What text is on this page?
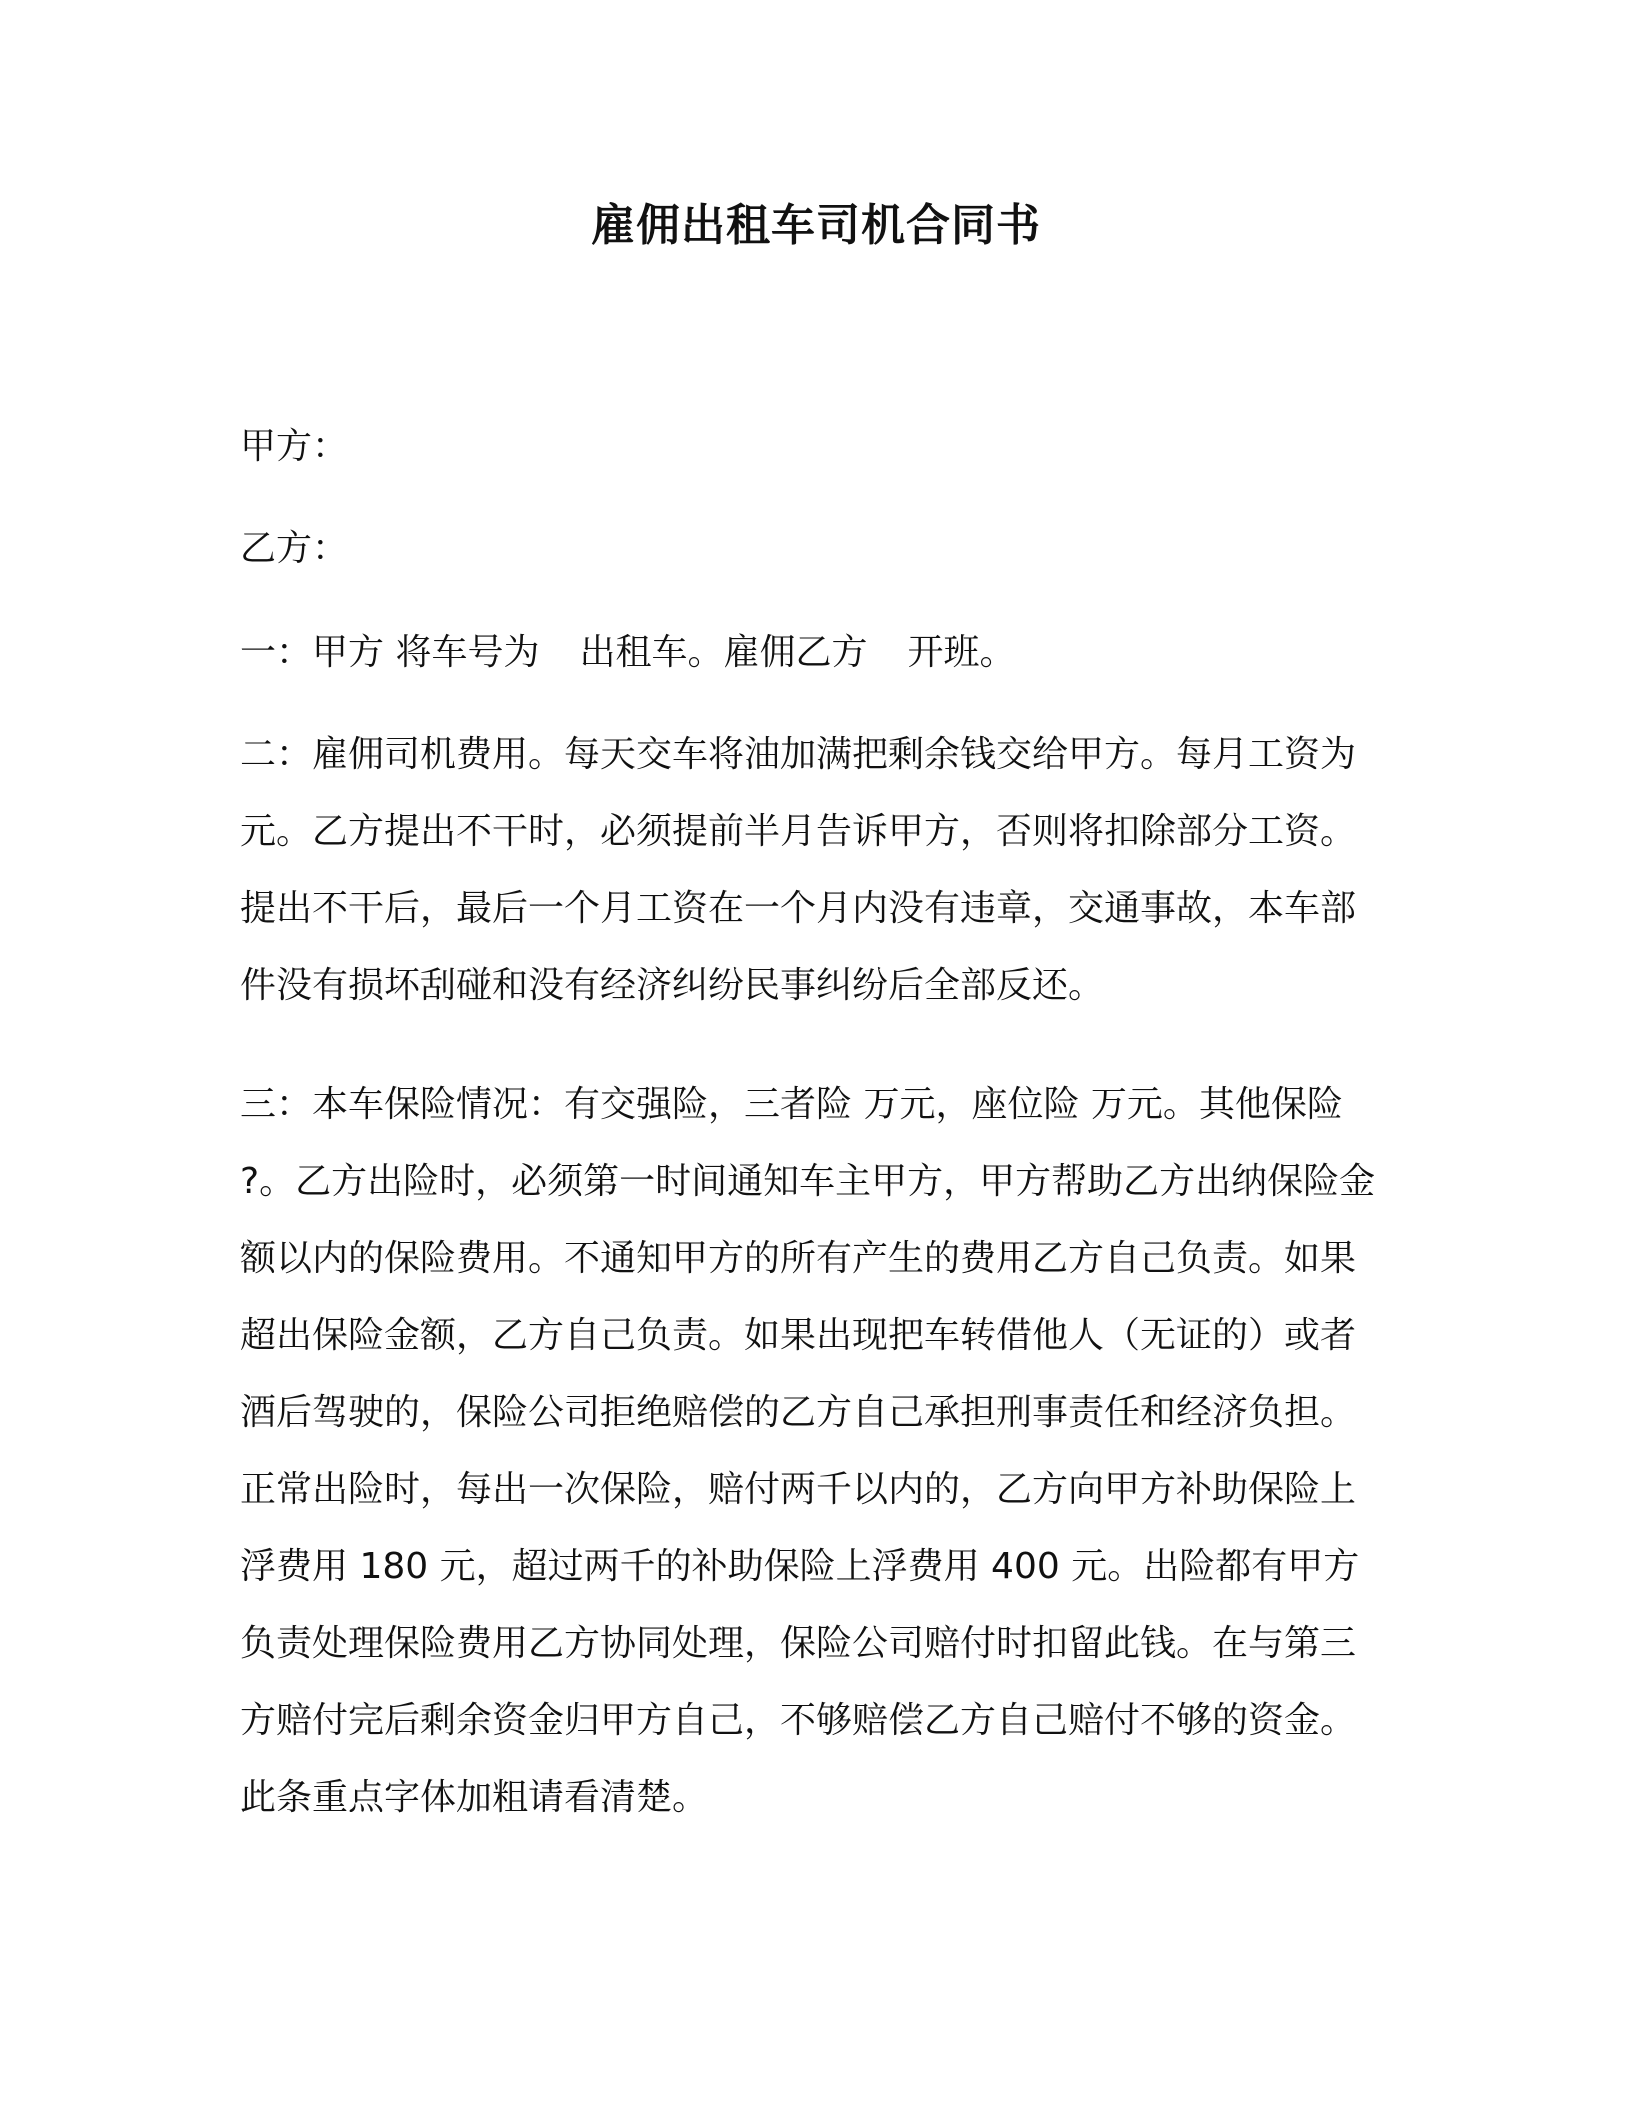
雇佣出租车司机合同书

甲方：

乙方：

一：甲方 将车号为 出租车。雇佣乙方 开班。

二：雇佣司机费用。每天交车将油加满把剩余钱交给甲方。每月工资为元。乙方提出不干时，必须提前半月告诉甲方，否则将扣除部分工资。提出不干后，最后一个月工资在一个月内没有违章，交通事故，本车部件没有损坏刮碰和没有经济纠纷民事纠纷后全部反还。

三：本车保险情况：有交强险，三者险 万元，座位险 万元。其他保险 ?。乙方出险时，必须第一时间通知车主甲方，甲方帮助乙方出纳保险金额以内的保险费用。不通知甲方的所有产生的费用乙方自己负责。如果超出保险金额，乙方自己负责。如果出现把车转借他人（无证的）或者酒后驾驶的，保险公司拒绝赔偿的乙方自己承担刑事责任和经济负担。正常出险时，每出一次保险，赔付两千以内的，乙方向甲方补助保险上浮费用 180 元，超过两千的补助保险上浮费用 400 元。出险都有甲方负责处理保险费用乙方协同处理，保险公司赔付时扣留此钱。在与第三方赔付完后剩余资金归甲方自己，不够赔偿乙方自己赔付不够的资金。此条重点字体加粗请看清楚。
